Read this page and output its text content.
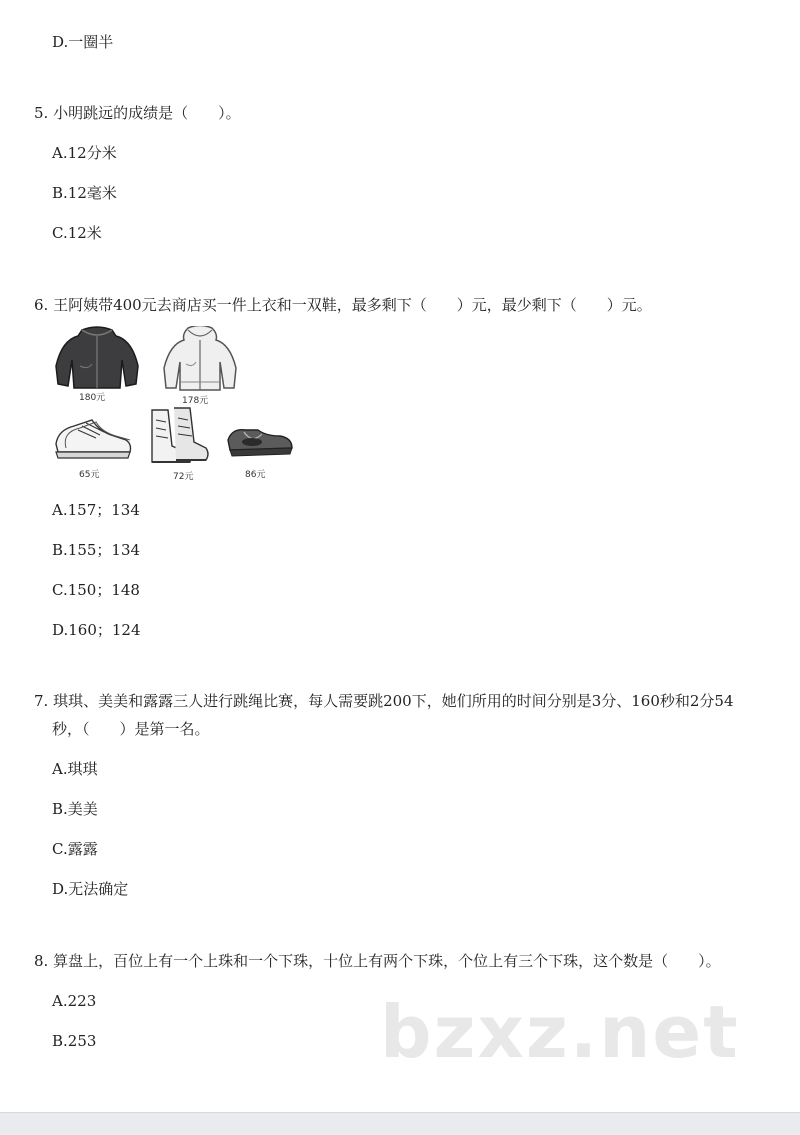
D.一圈半
5. 小明跳远的成绩是（　　）。
A.12分米
B.12毫米
C.12米
6. 王阿姨带400元去商店买一件上衣和一双鞋，最多剩下（　　）元，最少剩下（　　）元。
180元	178元
65元	72元	86元
A.157；134
B.155；134
C.150；148
D.160；124
7. 琪琪、美美和露露三人进行跳绳比赛，每人需要跳200下，她们所用的时间分别是3分、160秒和2分54
秒，（　　）是第一名。
A.琪琪
B.美美
C.露露
D.无法确定
8. 算盘上，百位上有一个上珠和一个下珠，十位上有两个下珠，个位上有三个下珠，这个数是（　　）。
A.223
B.253	bzxz.net
